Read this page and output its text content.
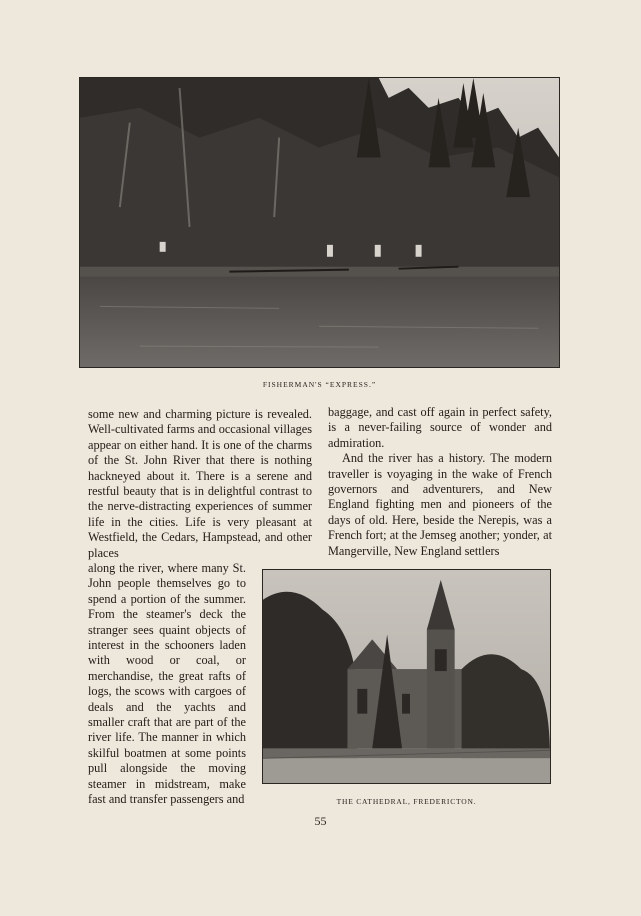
FISHERMAN'S “EXPRESS.”

some new and charming picture is revealed. Well-cultivated farms and occasional villages appear on either hand. It is one of the charms of the St. John River that there is nothing hackneyed about it. There is a serene and restful beauty that is in delightful contrast to the nerve-distracting experiences of summer life in the cities. Life is very pleasant at Westfield, the Cedars, Hampstead, and other places

along the river, where many St. John people themselves go to spend a portion of the summer. From the steamer's deck the stranger sees quaint objects of interest in the schooners laden with wood or coal, or merchandise, the great rafts of logs, the scows with cargoes of deals and the yachts and smaller craft that are part of the river life. The manner in which skilful boatmen at some points pull alongside the moving steamer in midstream, make fast and transfer passengers and

baggage, and cast off again in perfect safety, is a never-failing source of wonder and admiration.

And the river has a history. The modern traveller is voyaging in the wake of French governors and adventurers, and New England fighting men and pioneers of the days of old. Here, beside the Nerepis, was a French fort; at the Jemseg another; yonder, at Mangerville, New England settlers

THE CATHEDRAL, FREDERICTON.
55
